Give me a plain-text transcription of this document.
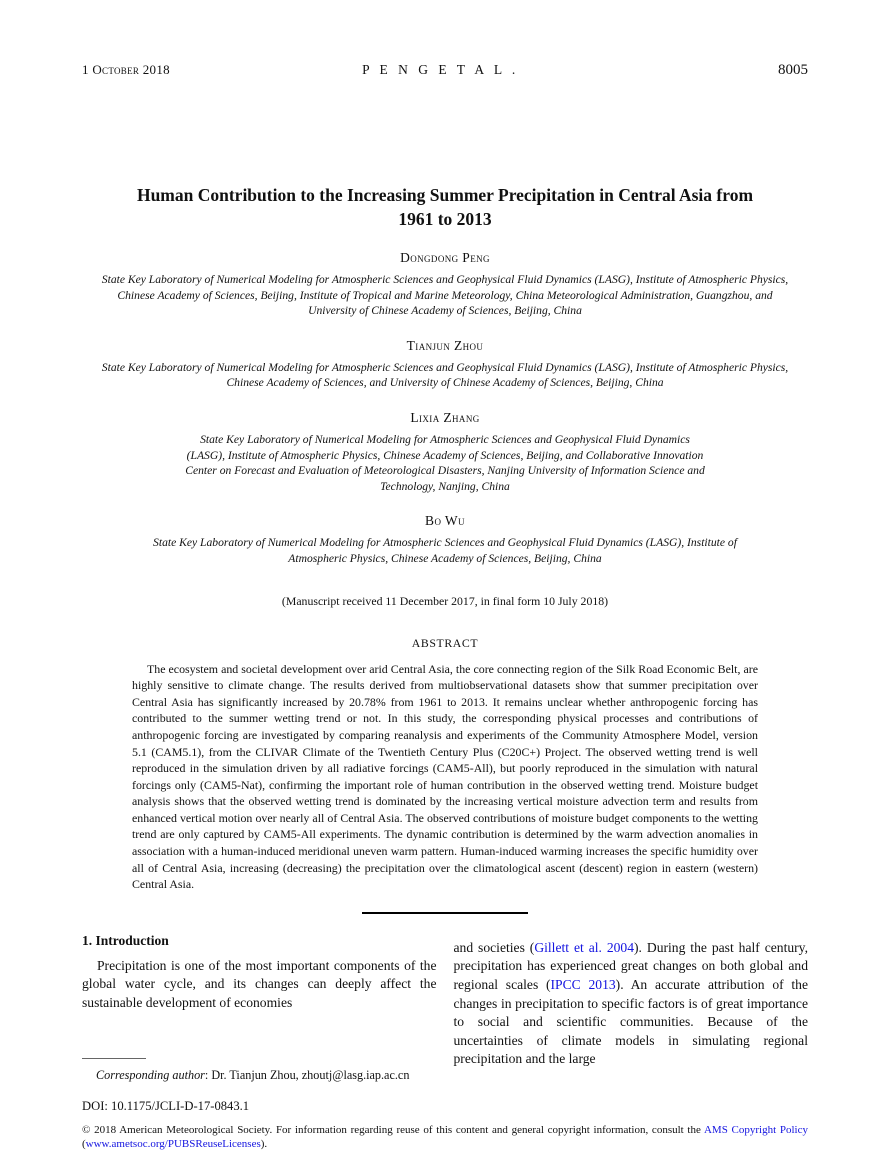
1 October 2018	P E N G E T A L .	8005
Human Contribution to the Increasing Summer Precipitation in Central Asia from 1961 to 2013
Dongdong Peng
State Key Laboratory of Numerical Modeling for Atmospheric Sciences and Geophysical Fluid Dynamics (LASG), Institute of Atmospheric Physics, Chinese Academy of Sciences, Beijing, Institute of Tropical and Marine Meteorology, China Meteorological Administration, Guangzhou, and University of Chinese Academy of Sciences, Beijing, China
Tianjun Zhou
State Key Laboratory of Numerical Modeling for Atmospheric Sciences and Geophysical Fluid Dynamics (LASG), Institute of Atmospheric Physics, Chinese Academy of Sciences, and University of Chinese Academy of Sciences, Beijing, China
Lixia Zhang
State Key Laboratory of Numerical Modeling for Atmospheric Sciences and Geophysical Fluid Dynamics (LASG), Institute of Atmospheric Physics, Chinese Academy of Sciences, Beijing, and Collaborative Innovation Center on Forecast and Evaluation of Meteorological Disasters, Nanjing University of Information Science and Technology, Nanjing, China
Bo Wu
State Key Laboratory of Numerical Modeling for Atmospheric Sciences and Geophysical Fluid Dynamics (LASG), Institute of Atmospheric Physics, Chinese Academy of Sciences, Beijing, China
(Manuscript received 11 December 2017, in final form 10 July 2018)
ABSTRACT

The ecosystem and societal development over arid Central Asia, the core connecting region of the Silk Road Economic Belt, are highly sensitive to climate change. The results derived from multiobservational datasets show that summer precipitation over Central Asia has significantly increased by 20.78% from 1961 to 2013. It remains unclear whether anthropogenic forcing has contributed to the summer wetting trend or not. In this study, the corresponding physical processes and contributions of anthropogenic forcing are investigated by comparing reanalysis and experiments of the Community Atmosphere Model, version 5.1 (CAM5.1), from the CLIVAR Climate of the Twentieth Century Plus (C20C+) Project. The observed wetting trend is well reproduced in the simulation driven by all radiative forcings (CAM5-All), but poorly reproduced in the simulation with natural forcings only (CAM5-Nat), confirming the important role of human contribution in the observed wetting trend. Moisture budget analysis shows that the observed wetting trend is dominated by the increasing vertical moisture advection term and results from enhanced vertical motion over nearly all of Central Asia. The observed contributions of moisture budget components to the wetting trend are only captured by CAM5-All experiments. The dynamic contribution is determined by the warm advection anomalies in association with a human-induced meridional uneven warm pattern. Human-induced warming increases the specific humidity over all of Central Asia, increasing (decreasing) the precipitation over the climatological ascent (descent) region in eastern (western) Central Asia.

1. Introduction

Precipitation is one of the most important components of the global water cycle, and its changes can deeply affect the sustainable development of economies

Corresponding author: Dr. Tianjun Zhou, zhoutj@lasg.iap.ac.cn

and societies (Gillett et al. 2004). During the past half century, precipitation has experienced great changes on both global and regional scales (IPCC 2013). An accurate attribution of the changes in precipitation to specific factors is of great importance to social and scientific communities. Because of the uncertainties of climate models in simulating regional precipitation and the large

DOI: 10.1175/JCLI-D-17-0843.1

© 2018 American Meteorological Society. For information regarding reuse of this content and general copyright information, consult the AMS Copyright Policy (www.ametsoc.org/PUBSReuseLicenses).
